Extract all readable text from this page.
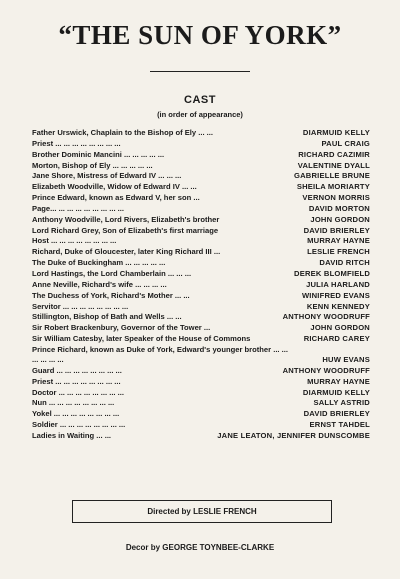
“THE SUN OF YORK”
CAST
(in order of appearance)
Father Urswick, Chaplain to the Bishop of Ely ... ...	DIARMUID KELLY
Priest ... ... ... ... ... ... ... ...	PAUL CRAIG
Brother Dominic Mancini ... ... ... ... ...	RICHARD CAZIMIR
Morton, Bishop of Ely ... ... ... ... ...	VALENTINE DYALL
Jane Shore, Mistress of Edward IV ... ... ...	GABRIELLE BRUNE
Elizabeth Woodville, Widow of Edward IV ... ...	SHEILA MORIARTY
Prince Edward, known as Edward V, her son ...	VERNON MORRIS
Page... ... ... ... ... ... ... ... ...	DAVID MORTON
Anthony Woodville, Lord Rivers, Elizabeth's brother	JOHN GORDON
Lord Richard Grey, Son of Elizabeth's first marriage	DAVID BRIERLEY
Host ... ... ... ... ... ... ... ...	MURRAY HAYNE
Richard, Duke of Gloucester, later King Richard III ...	LESLIE FRENCH
The Duke of Buckingham ... ... ... ... ...	DAVID RITCH
Lord Hastings, the Lord Chamberlain ... ... ...	DEREK BLOMFIELD
Anne Neville, Richard's wife ... ... ... ...	JULIA HARLAND
The Duchess of York, Richard's Mother ... ...	WINIFRED EVANS
Servitor ... ... ... ... ... ... ... ...	KENN KENNEDY
Stillington, Bishop of Bath and Wells ... ...	ANTHONY WOODRUFF
Sir Robert Brackenbury, Governor of the Tower ...	JOHN GORDON
Sir William Catesby, later Speaker of the House of Commons	RICHARD CAREY
Prince Richard, known as Duke of York, Edward's younger brother ... ... ... ... ... ...	HUW EVANS
Guard ... ... ... ... ... ... ... ...	ANTHONY WOODRUFF
Priest ... ... ... ... ... ... ... ...	MURRAY HAYNE
Doctor ... ... ... ... ... ... ... ...	DIARMUID KELLY
Nun ... ... ... ... ... ... ... ...	SALLY ASTRID
Yokel ... ... ... ... ... ... ... ...	DAVID BRIERLEY
Soldier ... ... ... ... ... ... ... ...	ERNST TAHDEL
Ladies in Waiting ... ...	JANE LEATON, JENNIFER DUNSCOMBE
Directed by LESLIE FRENCH
Decor by GEORGE TOYNBEE-CLARKE
